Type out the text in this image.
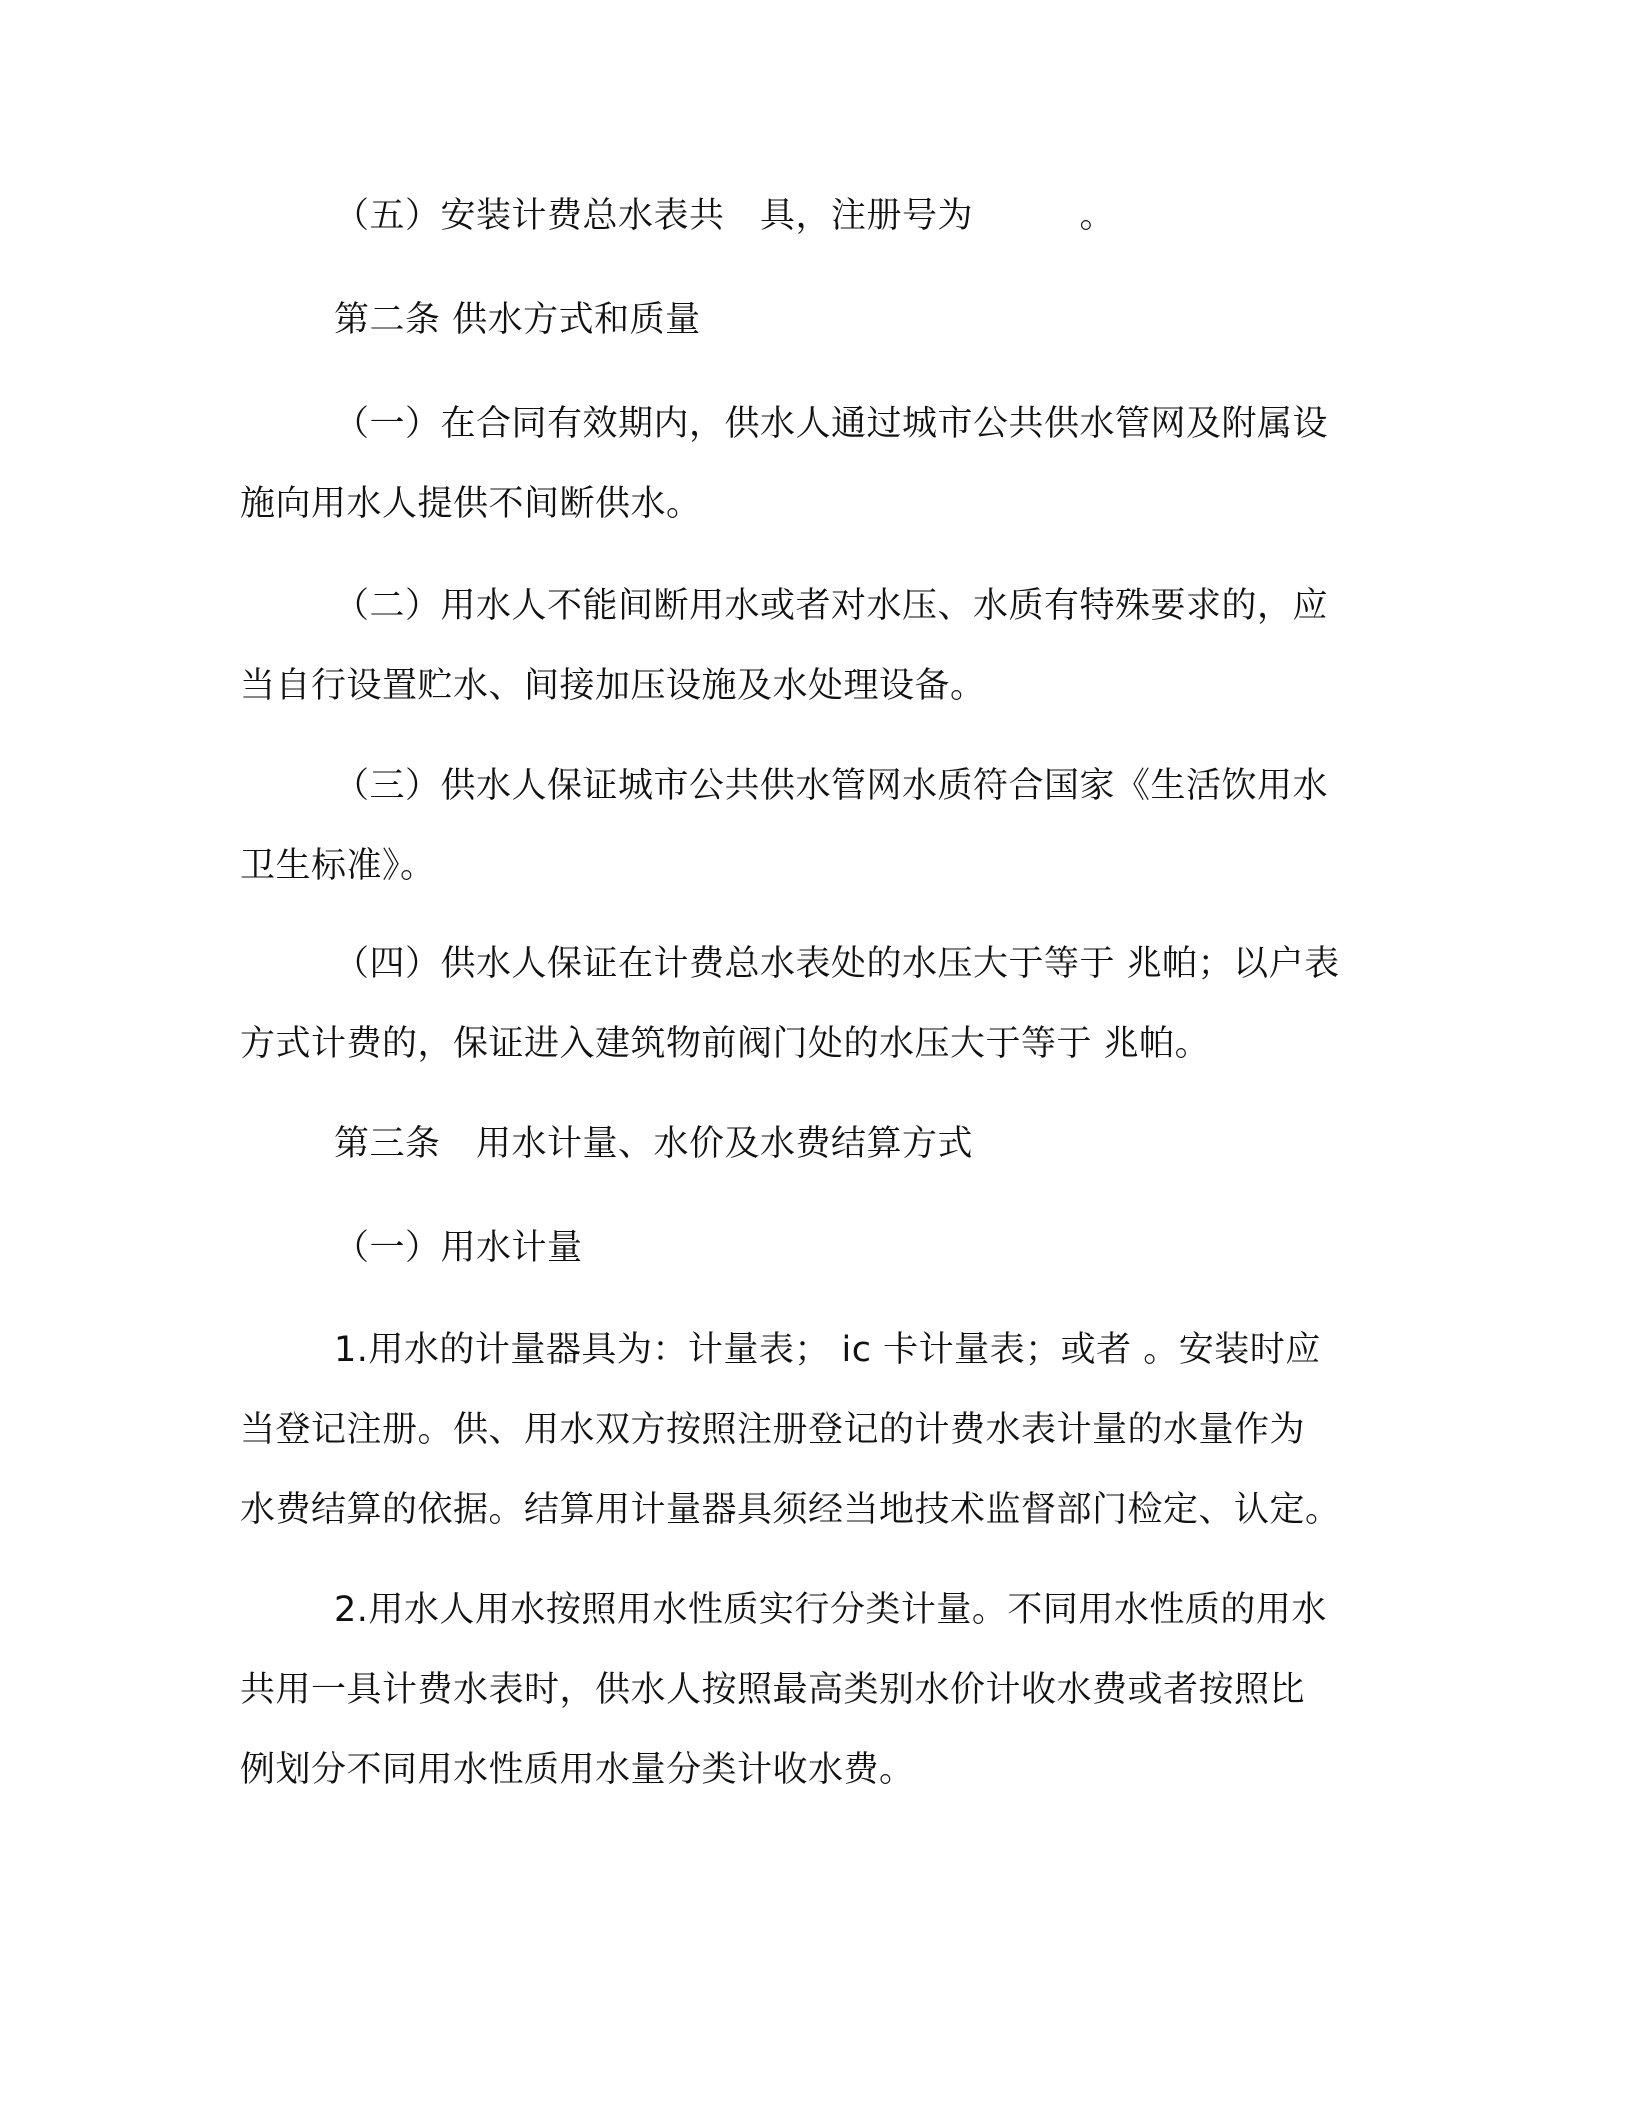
（五）安装计费总水表共　具，注册号为　　　。
第二条 供水方式和质量
（一）在合同有效期内，供水人通过城市公共供水管网及附属设
施向用水人提供不间断供水。
（二）用水人不能间断用水或者对水压、水质有特殊要求的，应
当自行设置贮水、间接加压设施及水处理设备。
（三）供水人保证城市公共供水管网水质符合国家《生活饮用水
卫生标准》。
（四）供水人保证在计费总水表处的水压大于等于 兆帕；以户表
方式计费的，保证进入建筑物前阀门处的水压大于等于 兆帕。
第三条　用水计量、水价及水费结算方式
（一）用水计量
1.用水的计量器具为：计量表； ic 卡计量表；或者 。安装时应
当登记注册。供、用水双方按照注册登记的计费水表计量的水量作为
水费结算的依据。结算用计量器具须经当地技术监督部门检定、认定。
2.用水人用水按照用水性质实行分类计量。不同用水性质的用水
共用一具计费水表时，供水人按照最高类别水价计收水费或者按照比
例划分不同用水性质用水量分类计收水费。
